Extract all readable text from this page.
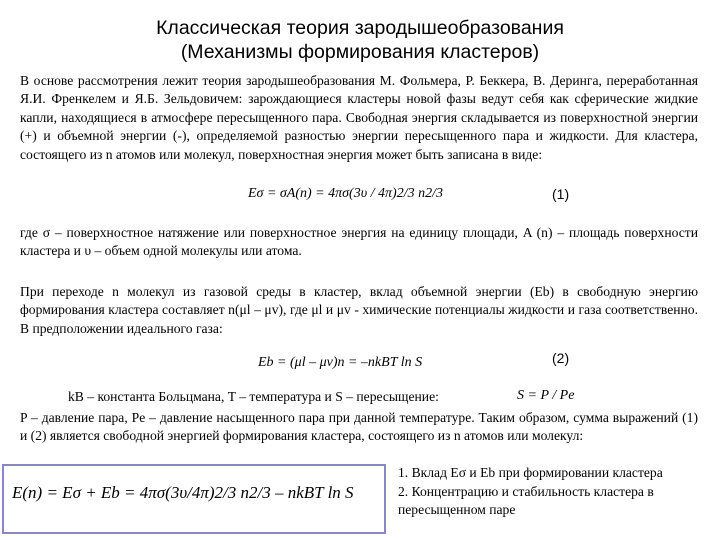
Классическая теория зародышеобразования
(Механизмы формирования кластеров)

В основе рассмотрения лежит теория зародышеобразования М. Фольмера, Р. Беккера, В. Деринга, переработанная Я.И. Френкелем и Я.Б. Зельдовичем: зарождающиеся кластеры новой фазы ведут себя как сферические жидкие капли, находящиеся в атмосфере пересыщенного пара. Свободная энергия складывается из поверхностной энергии (+) и объемной энергии (-), определяемой разностью энергии пересыщенного пара и жидкости. Для кластера, состоящего из n атомов или молекул, поверхностная энергия может быть записана в виде:

Eσ = σA(n) = 4πσ(3υ / 4π)2/3 n2/3	(1)

где σ – поверхностное натяжение или поверхностное энергия на единицу площади, A (n) – площадь поверхности кластера и υ – объем одной молекулы или атома.

При переходе n молекул из газовой среды в кластер, вклад объемной энергии (Eb) в свободную энергию формирования кластера составляет n(μl – μv), где μl и μv - химические потенциалы жидкости и газа соответственно. В предположении идеального газа:

Eb = (μl – μv)n = –nkBT ln S	(2)
kB – константа Больцмана, T – температура и S – пересыщение:	S = P / Pe

P – давление пара, Pe – давление насыщенного пара при данной температуре. Таким образом, сумма выражений (1) и (2) является свободной энергией формирования кластера, состоящего из n атомов или молекул:

E(n) = Eσ + Eb = 4πσ(3υ/4π)2/3 n2/3 – nkBT ln S
1. Вклад Eσ и Eb при формировании кластера
2. Концентрацию и стабильность кластера в
пересыщенном паре
